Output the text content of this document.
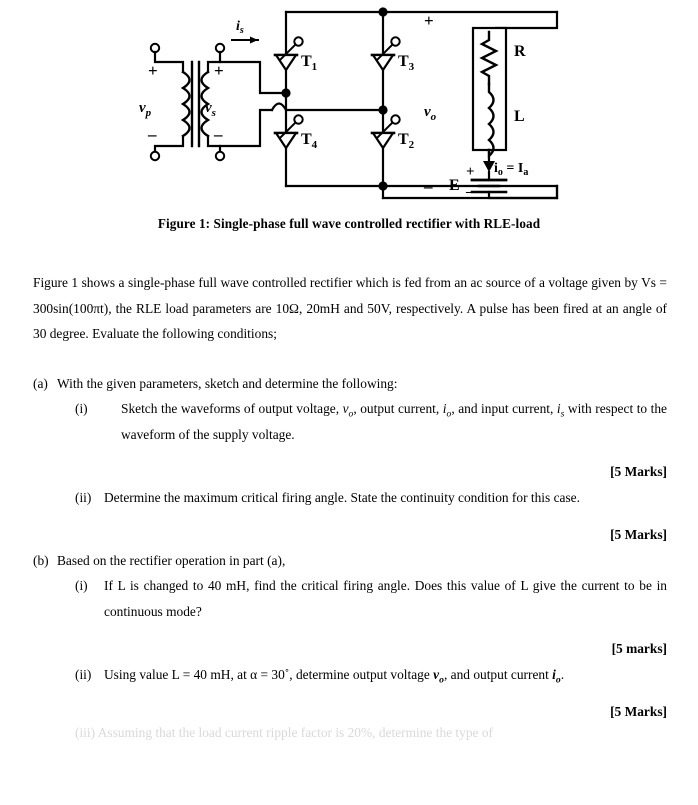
$v_p$	$v_s$
$i_s$
$T_1$
$T_4$
$T_3$
$T_2$
$v_o$
R
L
E
$i_o = I_a$
+
–
+
–
+
–
+
–
Figure 1: Single-phase full wave controlled rectifier with RLE-load

Figure 1 shows a single-phase full wave controlled rectifier which is fed from an ac source of a voltage given by Vs = 300sin(100πt), the RLE load parameters are 10Ω, 20mH and 50V, respectively. A pulse has been fired at an angle of 30 degree. Evaluate the following conditions;

(a) With the given parameters, sketch and determine the following:
(i)	Sketch the waveforms of output voltage, $v_o$, output current, $i_o$, and input current, $i_s$ with respect to the waveform of the supply voltage.
[5 Marks]
(ii) Determine the maximum critical firing angle. State the continuity condition for this case.
[5 Marks]
(b) Based on the rectifier operation in part (a),
(i)	If L is changed to 40 mH, find the critical firing angle. Does this value of L give the current to be in continuous mode?
[5 marks]
(ii) Using value L = 40 mH, at α = 30˚, determine output voltage $v_o$, and output current $i_o$.
[5 Marks]
(iii) Assuming that the load current ripple factor is 20%, determine the type of
